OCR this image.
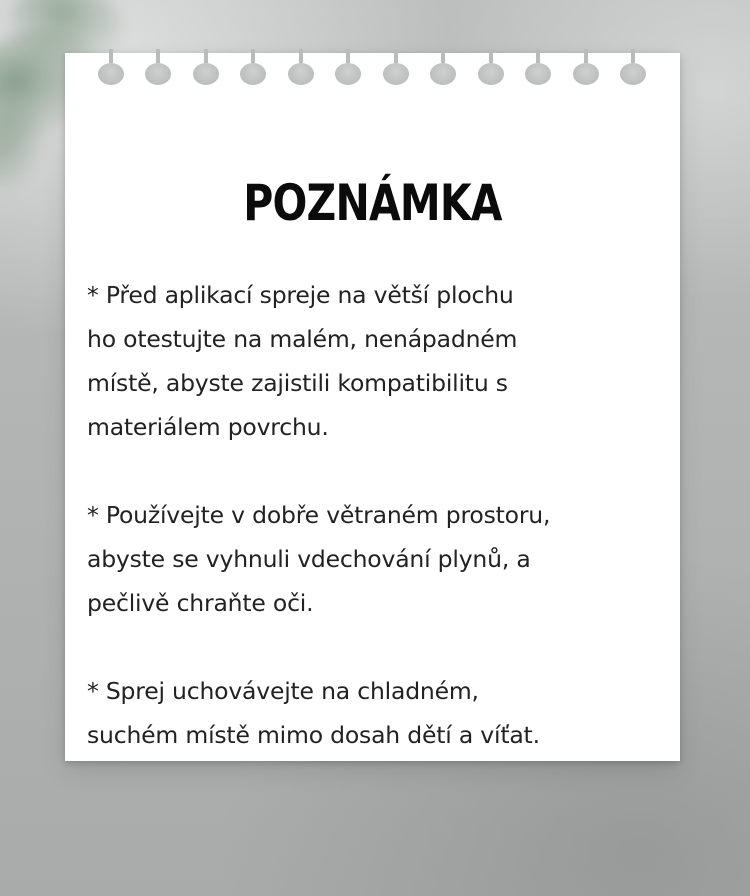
POZNÁMKA

* Před aplikací spreje na větší plochu
ho otestujte na malém, nenápadném
místě, abyste zajistili kompatibilitu s
materiálem povrchu.

* Používejte v dobře větraném prostoru,
abyste se vyhnuli vdechování plynů, a
pečlivě chraňte oči.

* Sprej uchovávejte na chladném,
suchém místě mimo dosah dětí a víťat.
